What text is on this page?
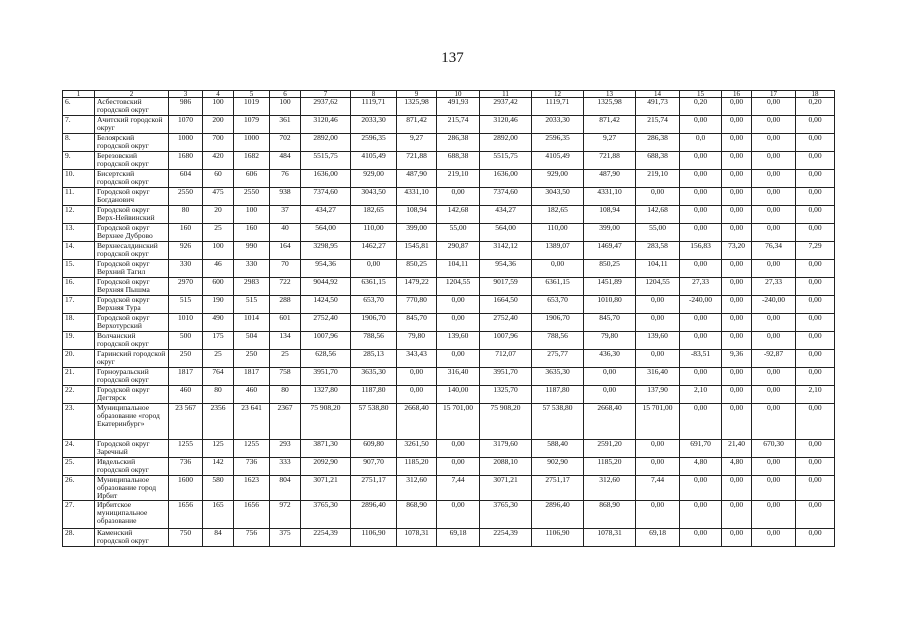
137
1	2	3	4	5	6	7	8	9	10	11	12	13	14	15	16	17	18
6.	Асбестовский городской округ	986	100	1019	100	2937,62	1119,71	1325,98	491,93	2937,42	1119,71	1325,98	491,73	0,20	0,00	0,00	0,20
7.	Ачитский городской округ	1070	200	1079	361	3120,46	2033,30	871,42	215,74	3120,46	2033,30	871,42	215,74	0,00	0,00	0,00	0,00
8.	Белоярский городской округ	1000	700	1000	702	2892,00	2596,35	9,27	286,38	2892,00	2596,35	9,27	286,38	0,0	0,00	0,00	0,00
9.	Березовский городской округ	1680	420	1682	484	5515,75	4105,49	721,88	688,38	5515,75	4105,49	721,88	688,38	0,00	0,00	0,00	0,00
10.	Бисертский городской округ	604	60	606	76	1636,00	929,00	487,90	219,10	1636,00	929,00	487,90	219,10	0,00	0,00	0,00	0,00
11.	Городской округ Богданович	2550	475	2550	938	7374,60	3043,50	4331,10	0,00	7374,60	3043,50	4331,10	0,00	0,00	0,00	0,00	0,00
12.	Городской округ Верх-Нейвинский	80	20	100	37	434,27	182,65	108,94	142,68	434,27	182,65	108,94	142,68	0,00	0,00	0,00	0,00
13.	Городской округ Верхнее Дуброво	160	25	160	40	564,00	110,00	399,00	55,00	564,00	110,00	399,00	55,00	0,00	0,00	0,00	0,00
14.	Верхнесалдинский городской округ	926	100	990	164	3298,95	1462,27	1545,81	290,87	3142,12	1389,07	1469,47	283,58	156,83	73,20	76,34	7,29
15.	Городской округ Верхний Тагил	330	46	330	70	954,36	0,00	850,25	104,11	954,36	0,00	850,25	104,11	0,00	0,00	0,00	0,00
16.	Городской округ Верхняя Пышма	2970	600	2983	722	9044,92	6361,15	1479,22	1204,55	9017,59	6361,15	1451,89	1204,55	27,33	0,00	27,33	0,00
17.	Городской округ Верхняя Тура	515	190	515	288	1424,50	653,70	770,80	0,00	1664,50	653,70	1010,80	0,00	-240,00	0,00	-240,00	0,00
18.	Городской округ Верхотурский	1010	490	1014	601	2752,40	1906,70	845,70	0,00	2752,40	1906,70	845,70	0,00	0,00	0,00	0,00	0,00
19.	Волчанский городской округ	500	175	504	134	1007,96	788,56	79,80	139,60	1007,96	788,56	79,80	139,60	0,00	0,00	0,00	0,00
20.	Гаринский городской округ	250	25	250	25	628,56	285,13	343,43	0,00	712,07	275,77	436,30	0,00	-83,51	9,36	-92,87	0,00
21.	Горноуральский городской округ	1817	764	1817	758	3951,70	3635,30	0,00	316,40	3951,70	3635,30	0,00	316,40	0,00	0,00	0,00	0,00
22.	Городской округ Дегтярск	460	80	460	80	1327,80	1187,80	0,00	140,00	1325,70	1187,80	0,00	137,90	2,10	0,00	0,00	2,10
23.	Муниципальное образование «город Екатеринбург»	23 567	2356	23 641	2367	75 908,20	57 538,80	2668,40	15 701,00	75 908,20	57 538,80	2668,40	15 701,00	0,00	0,00	0,00	0,00
24.	Городской округ Заречный	1255	125	1255	293	3871,30	609,80	3261,50	0,00	3179,60	588,40	2591,20	0,00	691,70	21,40	670,30	0,00
25.	Ивдельский городской округ	736	142	736	333	2092,90	907,70	1185,20	0,00	2088,10	902,90	1185,20	0,00	4,80	4,80	0,00	0,00
26.	Муниципальное образование город Ирбит	1600	580	1623	804	3071,21	2751,17	312,60	7,44	3071,21	2751,17	312,60	7,44	0,00	0,00	0,00	0,00
27.	Ирбитское муниципальное образование	1656	165	1656	972	3765,30	2896,40	868,90	0,00	3765,30	2896,40	868,90	0,00	0,00	0,00	0,00	0,00
28.	Каменский городской округ	750	84	756	375	2254,39	1106,90	1078,31	69,18	2254,39	1106,90	1078,31	69,18	0,00	0,00	0,00	0,00
